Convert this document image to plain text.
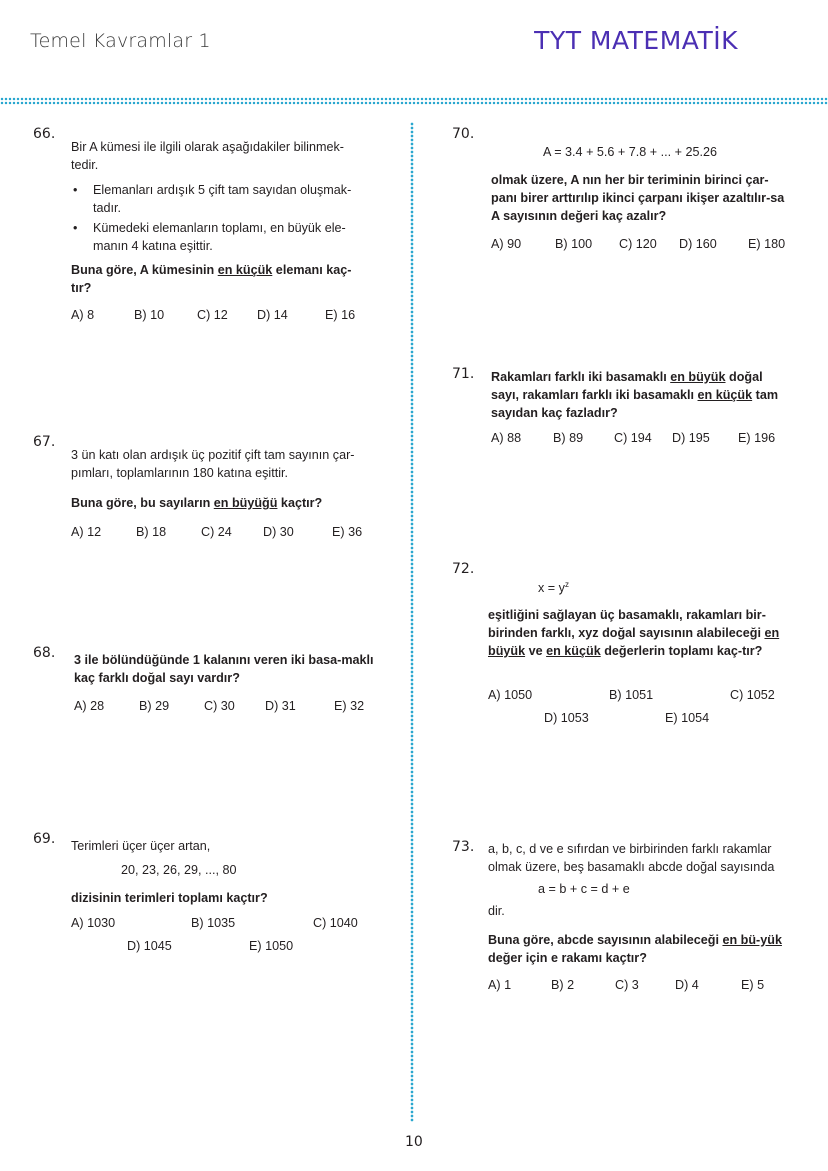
Temel Kavramlar 1	TYT MATEMATİK
66.
Bir A kümesi ile ilgili olarak aşağıdakiler bilinmek-tedir.
• Elemanları ardışık 5 çift tam sayıdan oluşmak-tadır.
• Kümedeki elemanların toplamı, en büyük ele-manın 4 katına eşittir.
Buna göre, A kümesinin en küçük elemanı kaç-tır?
A) 8	B) 10	C) 12 D) 14	E) 16
67.
3 ün katı olan ardışık üç pozitif çift tam sayının çar-pımları, toplamlarının 180 katına eşittir.
Buna göre, bu sayıların en büyüğü kaçtır?
A) 12	B) 18	C) 24 D) 30	E) 36
68. 3 ile bölündüğünde 1 kalanını veren iki basa-maklı kaç farklı doğal sayı vardır?
A) 28	B) 29	C) 30 D) 31	E) 32
69. Terimleri üçer üçer artan,
20, 23, 26, 29, ..., 80
dizisinin terimleri toplamı kaçtır?
A) 1030	B) 1035	C) 1040
D) 1045	E) 1050
70.
A = 3.4 + 5.6 + 7.8 + ... + 25.26
olmak üzere, A nın her bir teriminin birinci çar-panı birer arttırılıp ikinci çarpanı ikişer azaltılır-sa A sayısının değeri kaç azalır?
A) 90	B) 100 C) 120 D) 160 E) 180
71. Rakamları farklı iki basamaklı en büyük doğal sayı, rakamları farklı iki basamaklı en küçük tam sayıdan kaç fazladır?
A) 88	B) 89 C) 194 D) 195 E) 196
72.
$x = y^z$
eşitliğini sağlayan üç basamaklı, rakamları bir-birinden farklı, xyz doğal sayısının alabileceği en büyük ve en küçük değerlerin toplamı kaç-tır?
A) 1050	B) 1051	C) 1052
D) 1053	E) 1054
73. a, b, c, d ve e sıfırdan ve birbirinden farklı rakamlar olmak üzere, beş basamaklı abcde doğal sayısında
a = b + c = d + e
dir.
Buna göre, abcde sayısının alabileceği en bü-yük değer için e rakamı kaçtır?
A) 1	B) 2	C) 3	D) 4	E) 5
10
